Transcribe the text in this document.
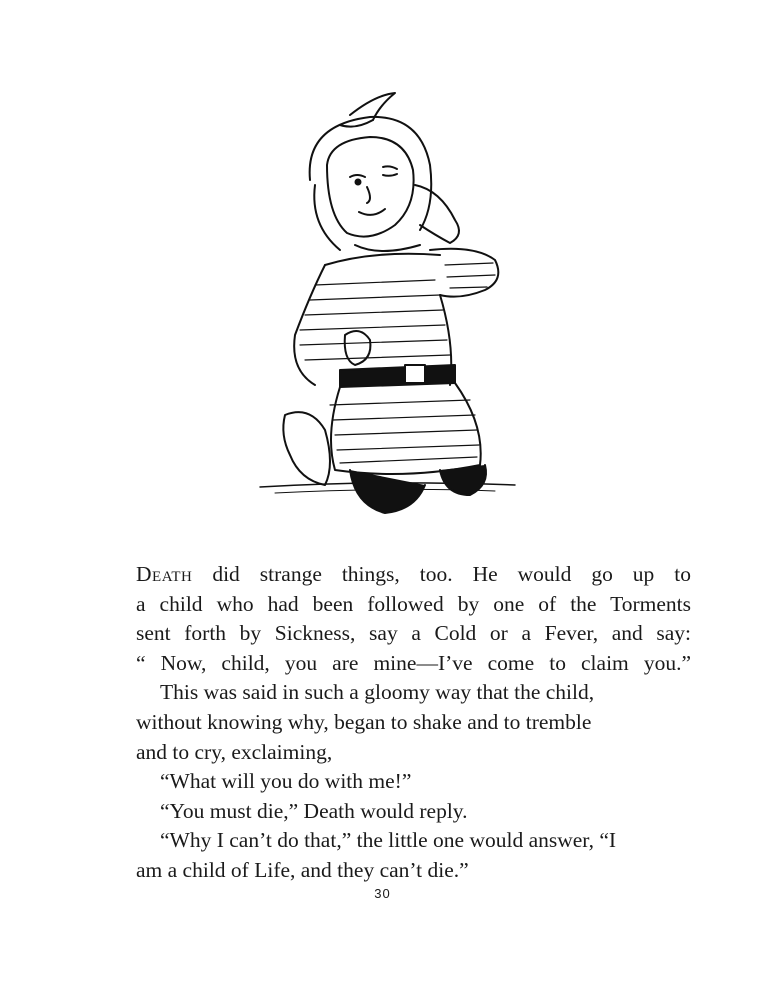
Death did strange things, too. He would go up to
a child who had been followed by one of the Torments
sent forth by Sickness, say a Cold or a Fever, and say:
“ Now, child, you are mine—I’ve come to claim you.”

This was said in such a gloomy way that the child,
without knowing why, began to shake and to tremble
and to cry, exclaiming,

“What will you do with me!”

“You must die,” Death would reply.

“Why I can’t do that,” the little one would answer, “I
am a child of Life, and they can’t die.”

30
